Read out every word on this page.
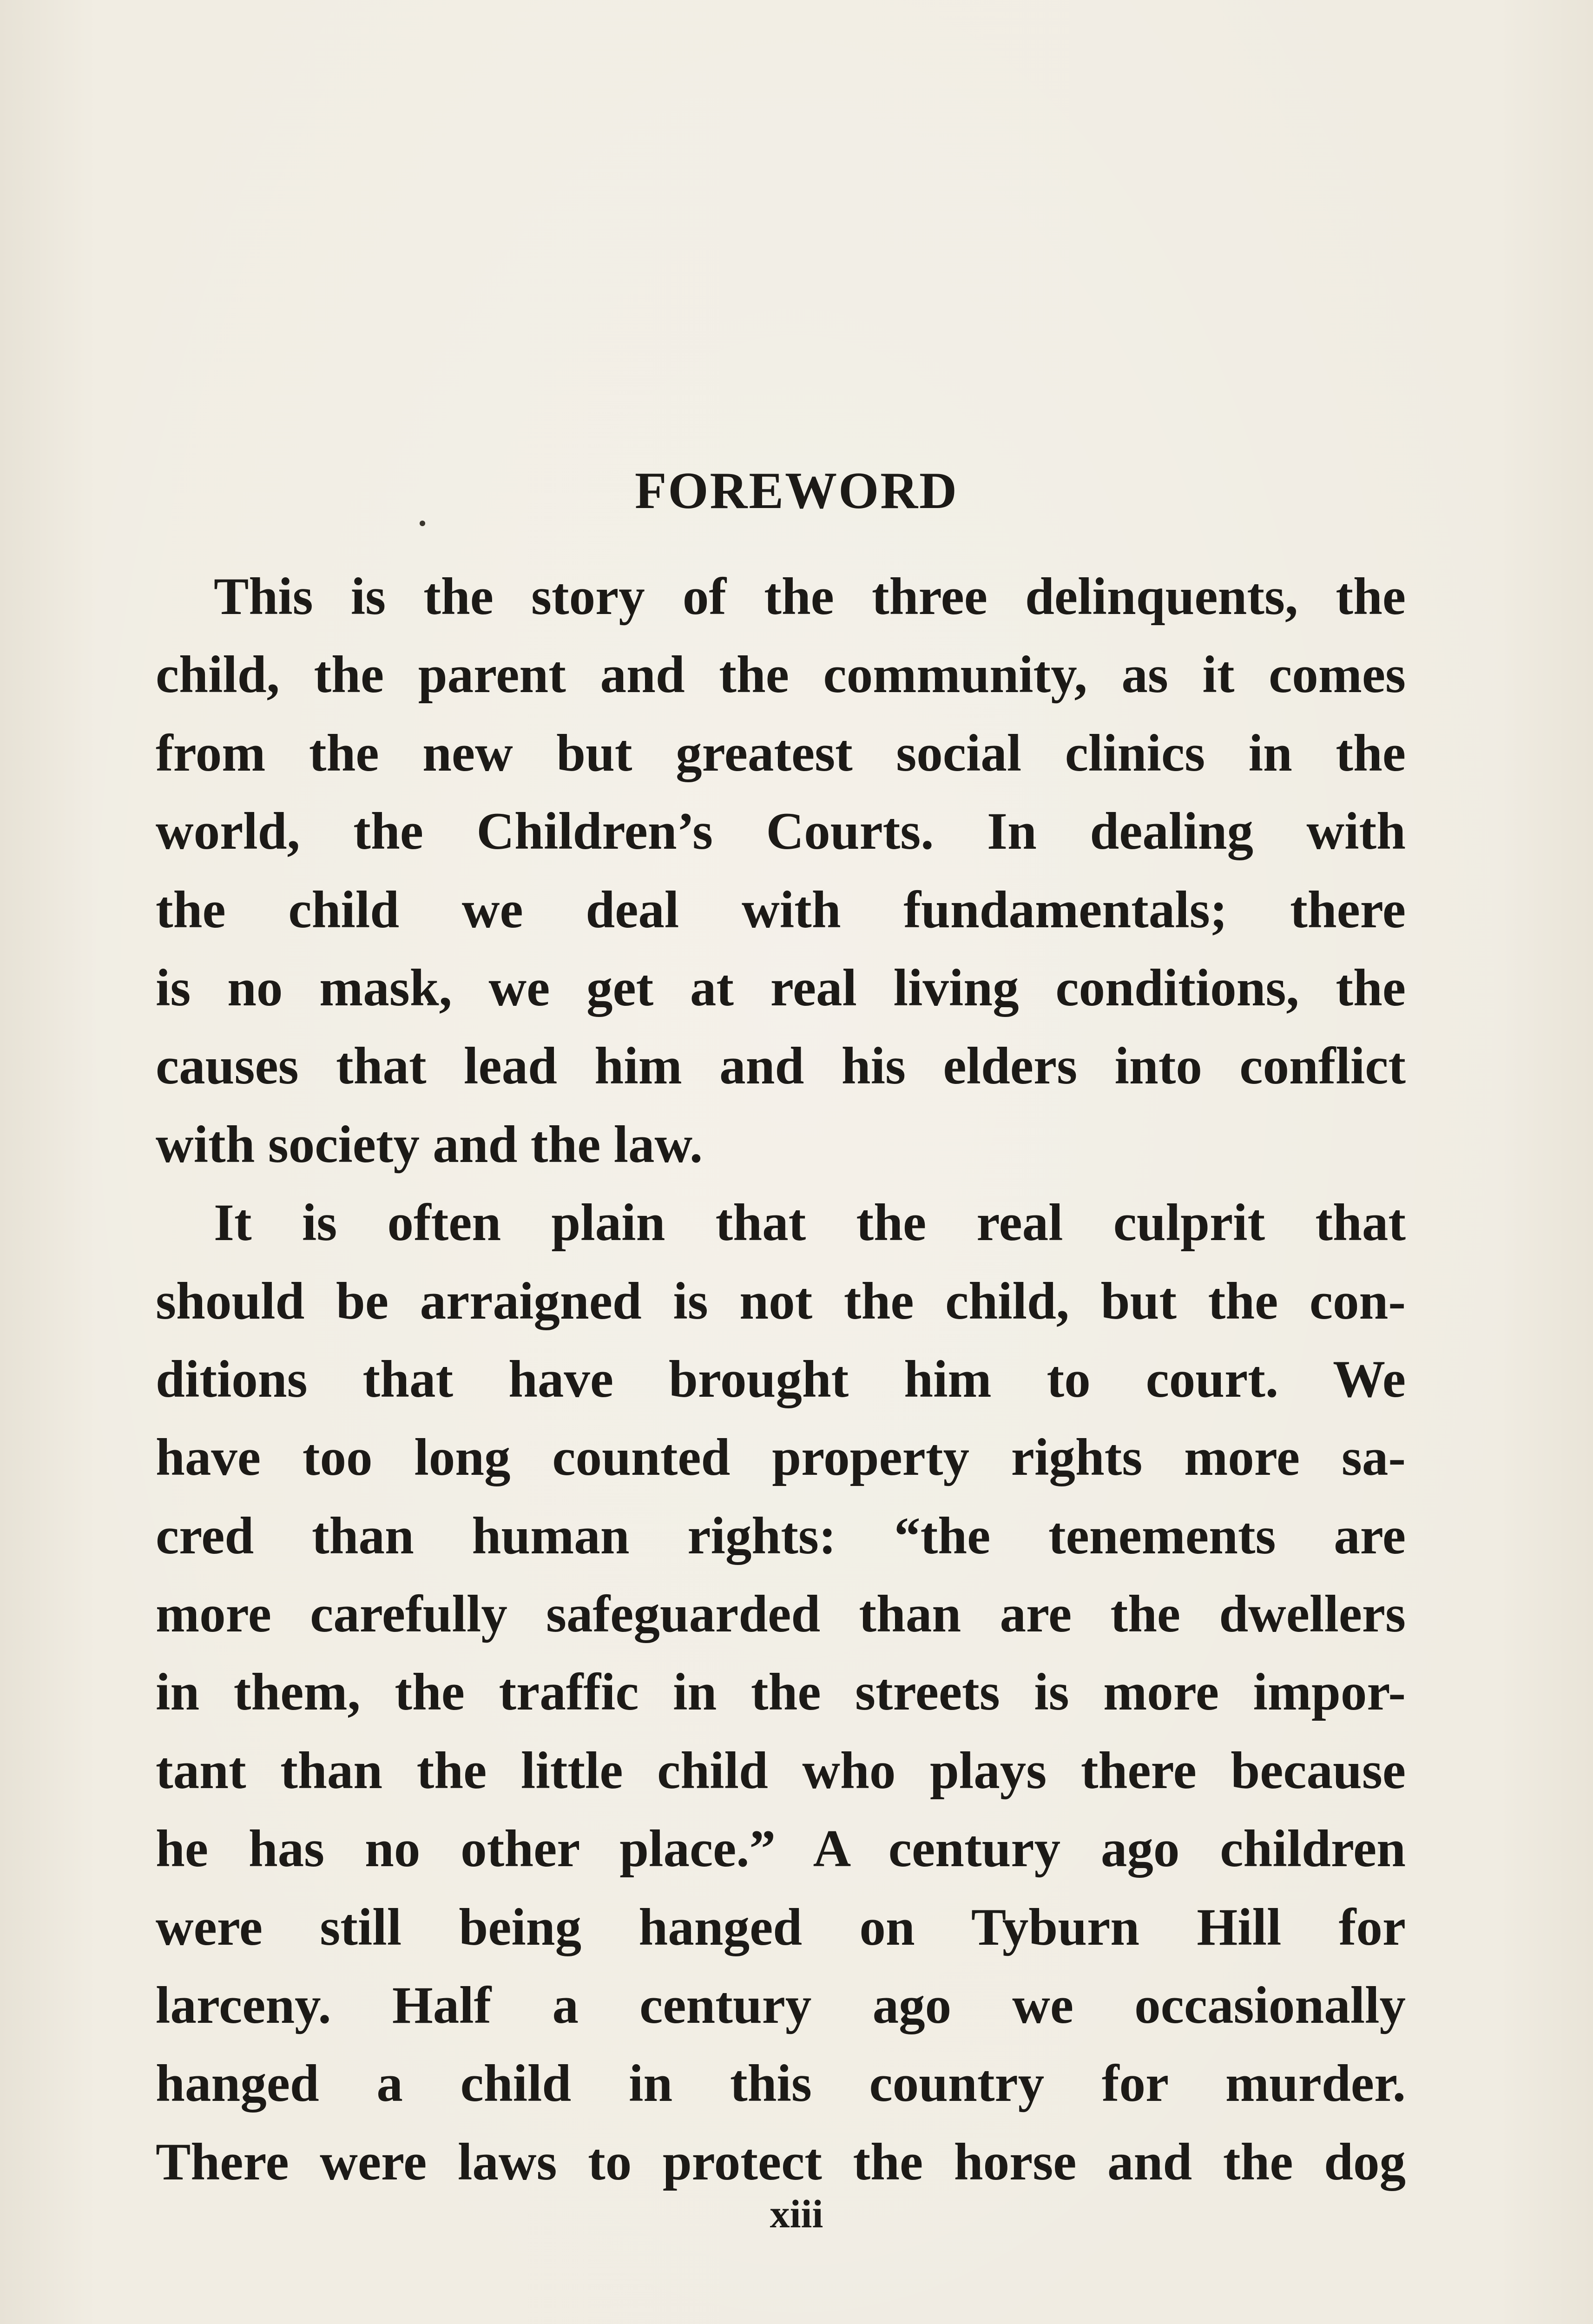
FOREWORD

This is the story of the three delinquents, the
child, the parent and the community, as it comes
from the new but greatest social clinics in the
world, the Children’s Courts. In dealing with
the child we deal with fundamentals; there
is no mask, we get at real living conditions, the
causes that lead him and his elders into conflict
with society and the law.

It is often plain that the real culprit that
should be arraigned is not the child, but the con-
ditions that have brought him to court. We
have too long counted property rights more sa-
cred than human rights: “the tenements are
more carefully safeguarded than are the dwellers
in them, the traffic in the streets is more impor-
tant than the little child who plays there because
he has no other place.” A century ago children
were still being hanged on Tyburn Hill for
larceny. Half a century ago we occasionally
hanged a child in this country for murder.
There were laws to protect the horse and the dog

xiii
